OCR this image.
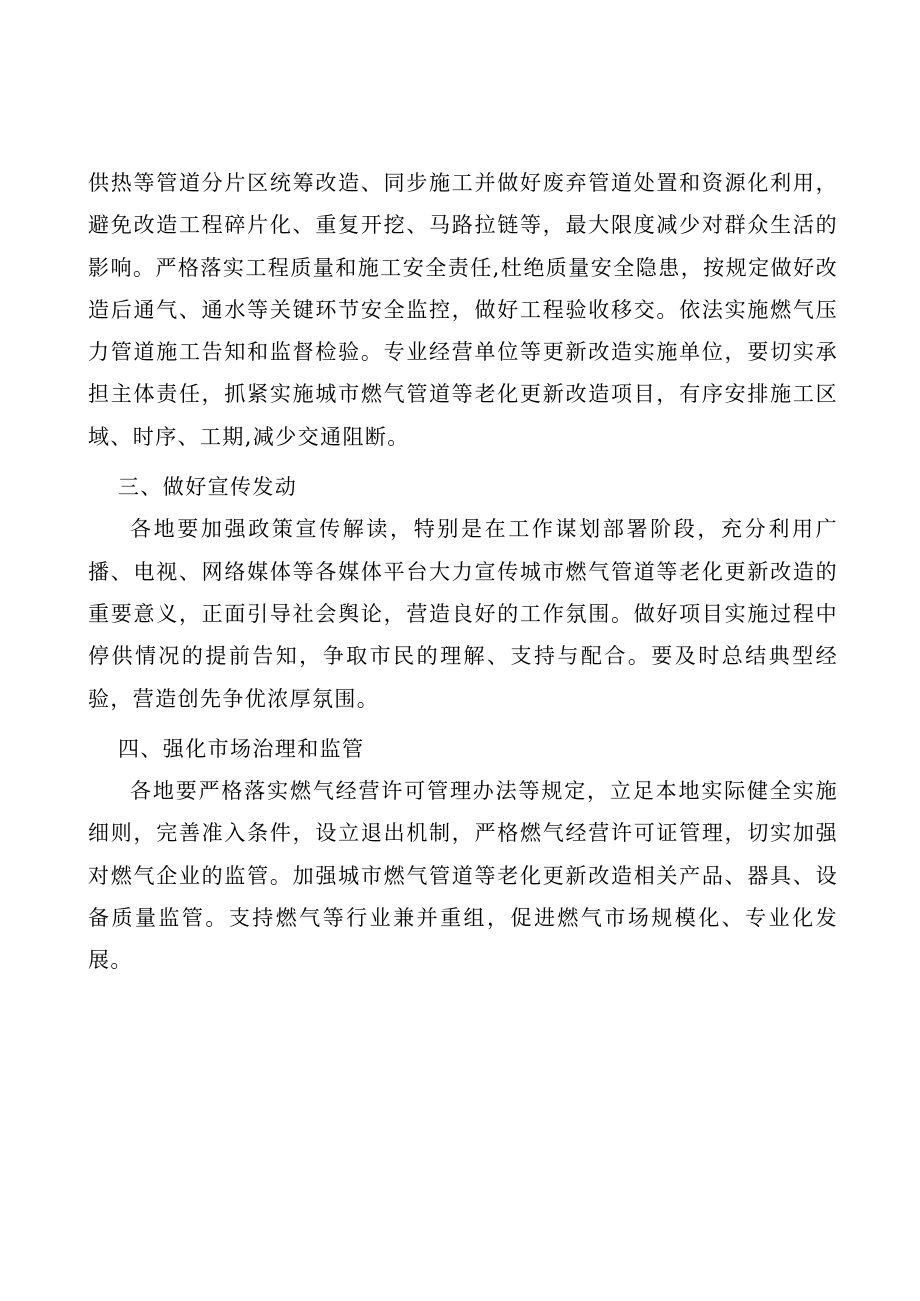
供热等管道分片区统筹改造、同步施工并做好废弃管道处置和资源化利用，避免改造工程碎片化、重复开挖、马路拉链等，最大限度减少对群众生活的影响。严格落实工程质量和施工安全责任,杜绝质量安全隐患，按规定做好改造后通气、通水等关键环节安全监控，做好工程验收移交。依法实施燃气压力管道施工告知和监督检验。专业经营单位等更新改造实施单位，要切实承担主体责任，抓紧实施城市燃气管道等老化更新改造项目，有序安排施工区域、时序、工期,减少交通阻断。

三、做好宣传发动

各地要加强政策宣传解读，特别是在工作谋划部署阶段，充分利用广播、电视、网络媒体等各媒体平台大力宣传城市燃气管道等老化更新改造的重要意义，正面引导社会舆论，营造良好的工作氛围。做好项目实施过程中停供情况的提前告知，争取市民的理解、支持与配合。要及时总结典型经验，营造创先争优浓厚氛围。

四、强化市场治理和监管

各地要严格落实燃气经营许可管理办法等规定，立足本地实际健全实施细则，完善准入条件，设立退出机制，严格燃气经营许可证管理，切实加强对燃气企业的监管。加强城市燃气管道等老化更新改造相关产品、器具、设备质量监管。支持燃气等行业兼并重组，促进燃气市场规模化、专业化发展。
